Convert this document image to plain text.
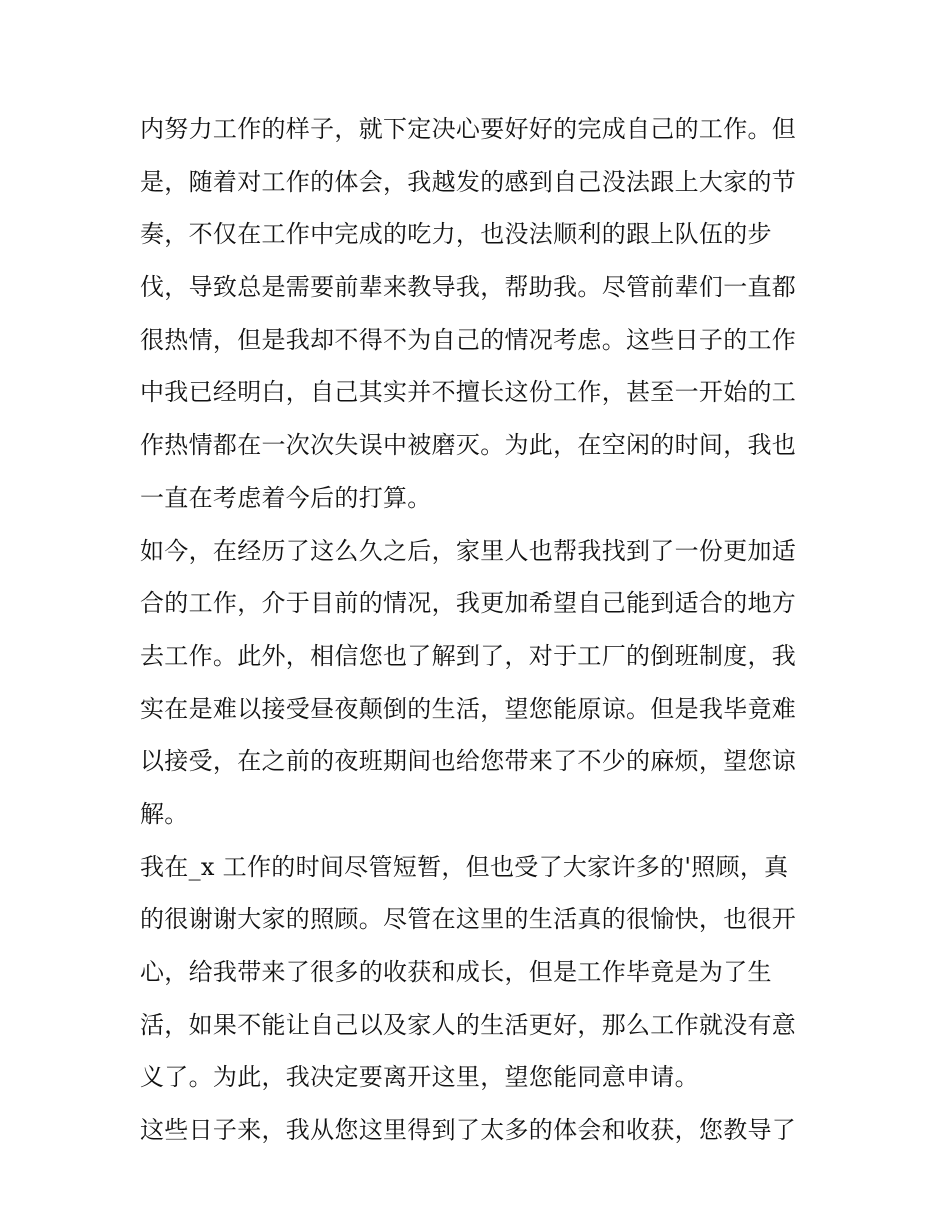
内努力工作的样子，就下定决心要好好的完成自己的工作。但
是，随着对工作的体会，我越发的感到自己没法跟上大家的节
奏，不仅在工作中完成的吃力，也没法顺利的跟上队伍的步
伐，导致总是需要前辈来教导我，帮助我。尽管前辈们一直都
很热情，但是我却不得不为自己的情况考虑。这些日子的工作
中我已经明白，自己其实并不擅长这份工作，甚至一开始的工
作热情都在一次次失误中被磨灭。为此，在空闲的时间，我也
一直在考虑着今后的打算。
如今，在经历了这么久之后，家里人也帮我找到了一份更加适
合的工作，介于目前的情况，我更加希望自己能到适合的地方
去工作。此外，相信您也了解到了，对于工厂的倒班制度，我
实在是难以接受昼夜颠倒的生活，望您能原谅。但是我毕竟难
以接受，在之前的夜班期间也给您带来了不少的麻烦，望您谅
解。
我在_x 工作的时间尽管短暂，但也受了大家许多的'照顾，真
的很谢谢大家的照顾。尽管在这里的生活真的很愉快，也很开
心，给我带来了很多的收获和成长，但是工作毕竟是为了生
活，如果不能让自己以及家人的生活更好，那么工作就没有意
义了。为此，我决定要离开这里，望您能同意申请。
这些日子来，我从您这里得到了太多的体会和收获，您教导了
